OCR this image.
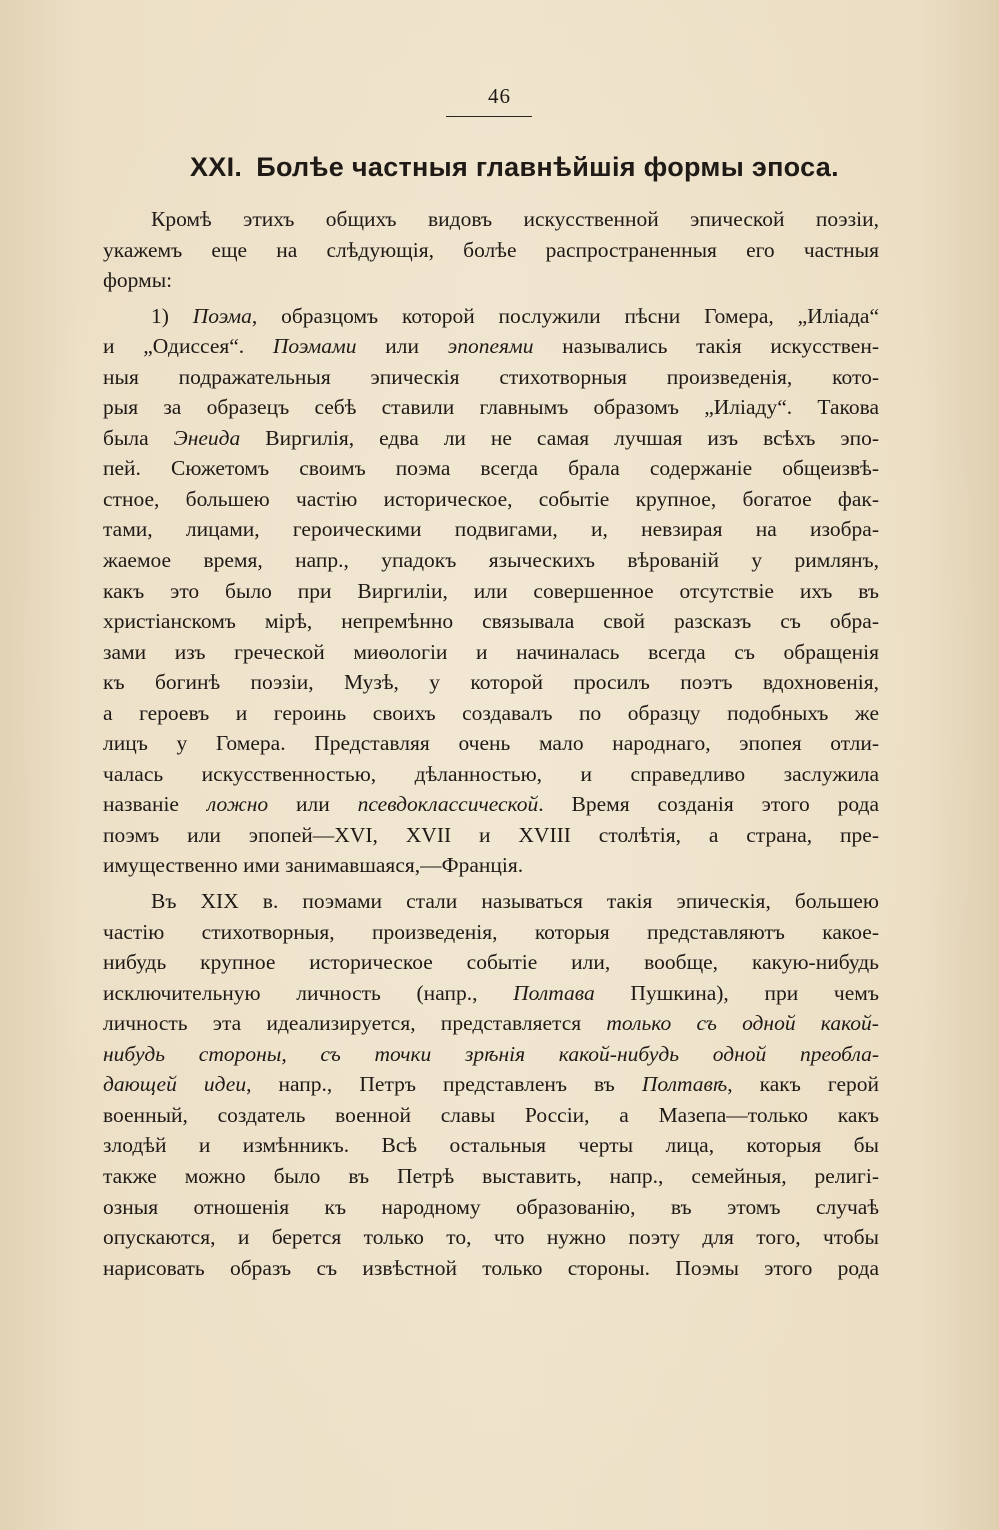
46
XXI. Болѣе частныя главнѣйшія формы эпоса.
Кромѣ этихъ общихъ видовъ искусственной эпической поэзіи,
укажемъ еще на слѣдующія, болѣе распространенныя его частныя
формы:
1) Поэма, образцомъ которой послужили пѣсни Гомера, „Иліада“
и „Одиссея“. Поэмами или эпопеями назывались такія искусствен-
ныя подражательныя эпическія стихотворныя произведенія, кото-
рыя за образецъ себѣ ставили главнымъ образомъ „Иліаду“. Такова
была Энеида Виргилія, едва ли не самая лучшая изъ всѣхъ эпо-
пей. Сюжетомъ своимъ поэма всегда брала содержаніе общеизвѣ-
стное, большею частію историческое, событіе крупное, богатое фак-
тами, лицами, героическими подвигами, и, невзирая на изобра-
жаемое время, напр., упадокъ языческихъ вѣрованій у римлянъ,
какъ это было при Виргиліи, или совершенное отсутствіе ихъ въ
христіанскомъ мірѣ, непремѣнно связывала свой разсказъ съ обра-
зами изъ греческой миѳологіи и начиналась всегда съ обращенія
къ богинѣ поэзіи, Музѣ, у которой просилъ поэтъ вдохновенія,
а героевъ и героинь своихъ создавалъ по образцу подобныхъ же
лицъ у Гомера. Представляя очень мало народнаго, эпопея отли-
чалась искусственностью, дѣланностью, и справедливо заслужила
названіе ложно или псевдоклассической. Время созданія этого рода
поэмъ или эпопей—XVI, XVII и XVIII столѣтія, а страна, пре-
имущественно ими занимавшаяся,—Франція.
Въ XIX в. поэмами стали называться такія эпическія, большею
частію стихотворныя, произведенія, которыя представляютъ какое-
нибудь крупное историческое событіе или, вообще, какую-нибудь
исключительную личность (напр., Полтава Пушкина), при чемъ
личность эта идеализируется, представляется только съ одной какой-
нибудь стороны, съ точки зрѣнія какой-нибудь одной преобла-
дающей идеи, напр., Петръ представленъ въ Полтавѣ, какъ герой
военный, создатель военной славы Россіи, а Мазепа—только какъ
злодѣй и измѣнникъ. Всѣ остальныя черты лица, которыя бы
также можно было въ Петрѣ выставить, напр., семейныя, религі-
озныя отношенія къ народному образованію, въ этомъ случаѣ
опускаются, и берется только то, что нужно поэту для того, чтобы
нарисовать образъ съ извѣстной только стороны. Поэмы этого рода
